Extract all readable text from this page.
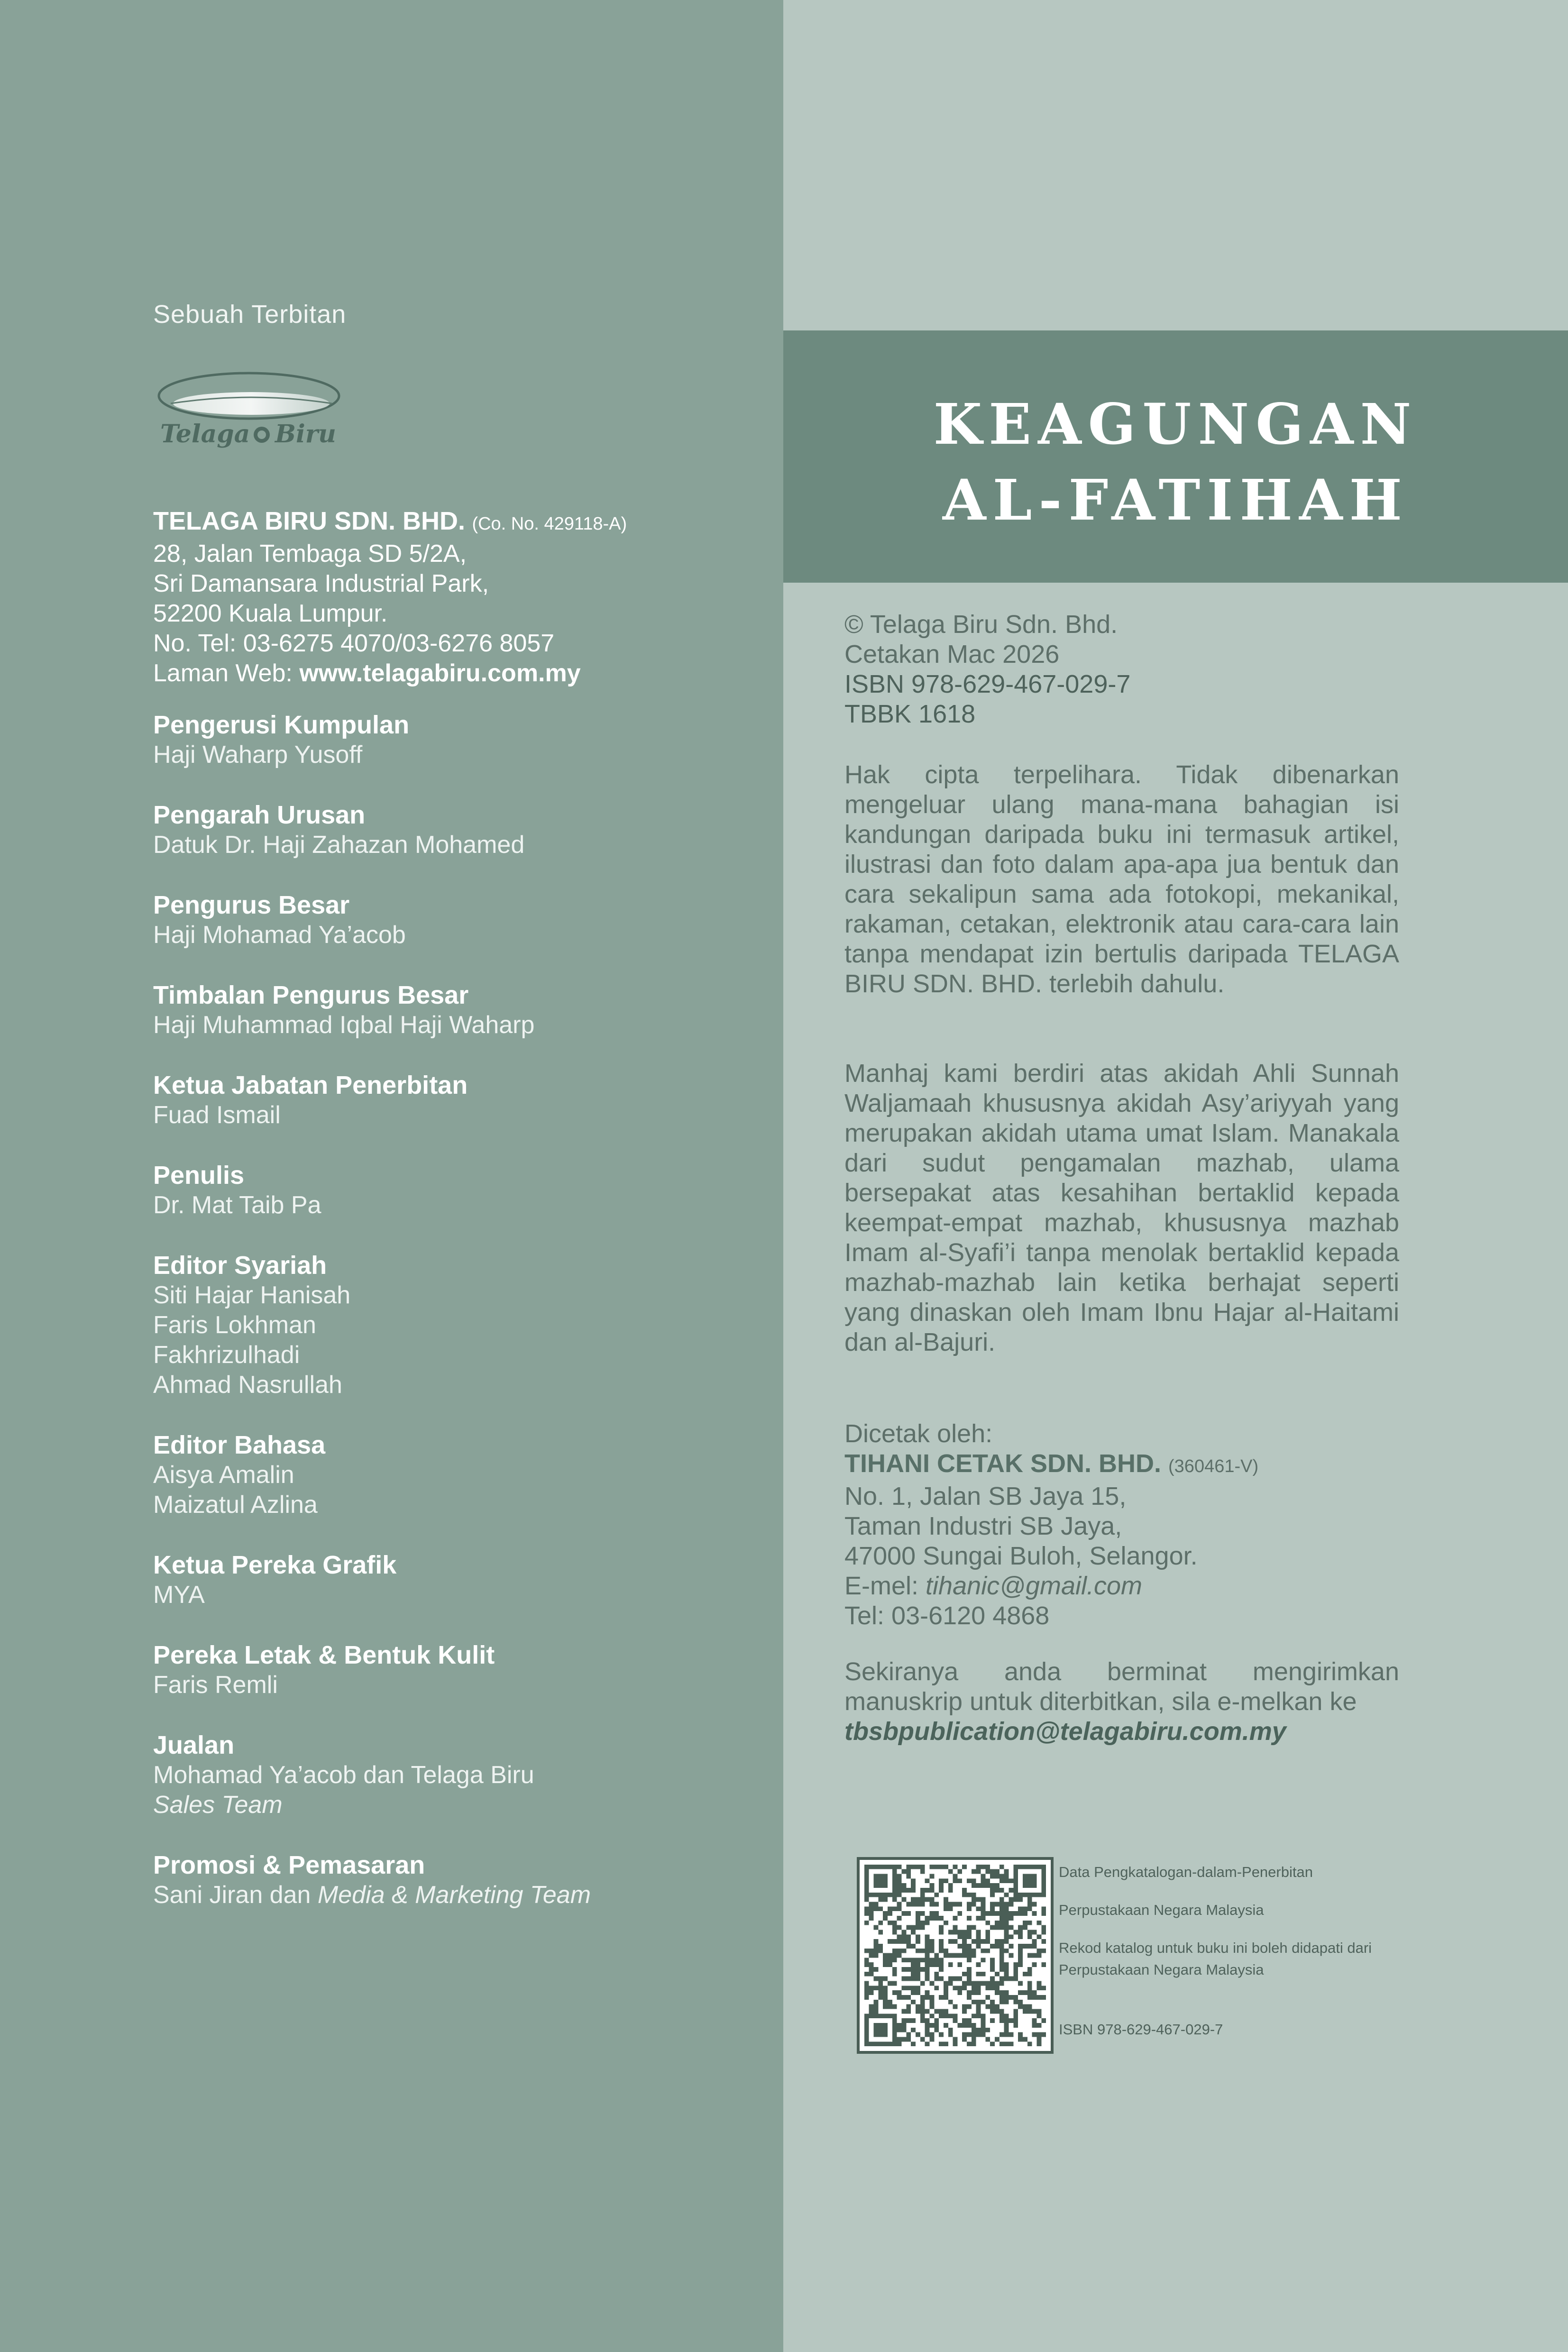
Sebuah Terbitan
Telaga Biru
TELAGA BIRU SDN. BHD. (Co. No. 429118-A)
28, Jalan Tembaga SD 5/2A,
Sri Damansara Industrial Park,
52200 Kuala Lumpur.
No. Tel: 03-6275 4070/03-6276 8057
Laman Web: www.telagabiru.com.my
Pengerusi Kumpulan
Haji Waharp Yusoff
Pengarah Urusan
Datuk Dr. Haji Zahazan Mohamed
Pengurus Besar
Haji Mohamad Ya’acob
Timbalan Pengurus Besar
Haji Muhammad Iqbal Haji Waharp
Ketua Jabatan Penerbitan
Fuad Ismail
Penulis
Dr. Mat Taib Pa
Editor Syariah
Siti Hajar Hanisah
Faris Lokhman
Fakhrizulhadi
Ahmad Nasrullah
Editor Bahasa
Aisya Amalin
Maizatul Azlina
Ketua Pereka Grafik
MYA
Pereka Letak & Bentuk Kulit
Faris Remli
Jualan
Mohamad Ya’acob dan Telaga Biru
Sales Team
Promosi & Pemasaran
Sani Jiran dan Media & Marketing Team
KEAGUNGAN
AL-FATIHAH
© Telaga Biru Sdn. Bhd.
Cetakan Mac 2026
ISBN 978-629-467-029-7
TBBK 1618
Hak cipta terpelihara. Tidak dibenarkan mengeluar ulang mana-mana bahagian isi kandungan daripada buku ini termasuk artikel, ilustrasi dan foto dalam apa-apa jua bentuk dan cara sekalipun sama ada fotokopi, mekanikal, rakaman, cetakan, elektronik atau cara-cara lain tanpa mendapat izin bertulis daripada TELAGA BIRU SDN. BHD. terlebih dahulu.
Manhaj kami berdiri atas akidah Ahli Sunnah Waljamaah khususnya akidah Asy’ariyyah yang merupakan akidah utama umat Islam. Manakala dari sudut pengamalan mazhab, ulama bersepakat atas kesahihan bertaklid kepada keempat-empat mazhab, khususnya mazhab Imam al-Syafi’i tanpa menolak bertaklid kepada mazhab-mazhab lain ketika berhajat seperti yang dinaskan oleh Imam Ibnu Hajar al-Haitami dan al-Bajuri.
Dicetak oleh:
TIHANI CETAK SDN. BHD. (360461-V)
No. 1, Jalan SB Jaya 15,
Taman Industri SB Jaya,
47000 Sungai Buloh, Selangor.
E-mel: tihanic@gmail.com
Tel: 03-6120 4868
Sekiranya anda berminat mengirimkan manuskrip untuk diterbitkan, sila e-melkan ke
tbsbpublication@telagabiru.com.my
Data Pengkatalogan-dalam-Penerbitan
Perpustakaan Negara Malaysia
Rekod katalog untuk buku ini boleh didapati dari Perpustakaan Negara Malaysia
ISBN 978-629-467-029-7
